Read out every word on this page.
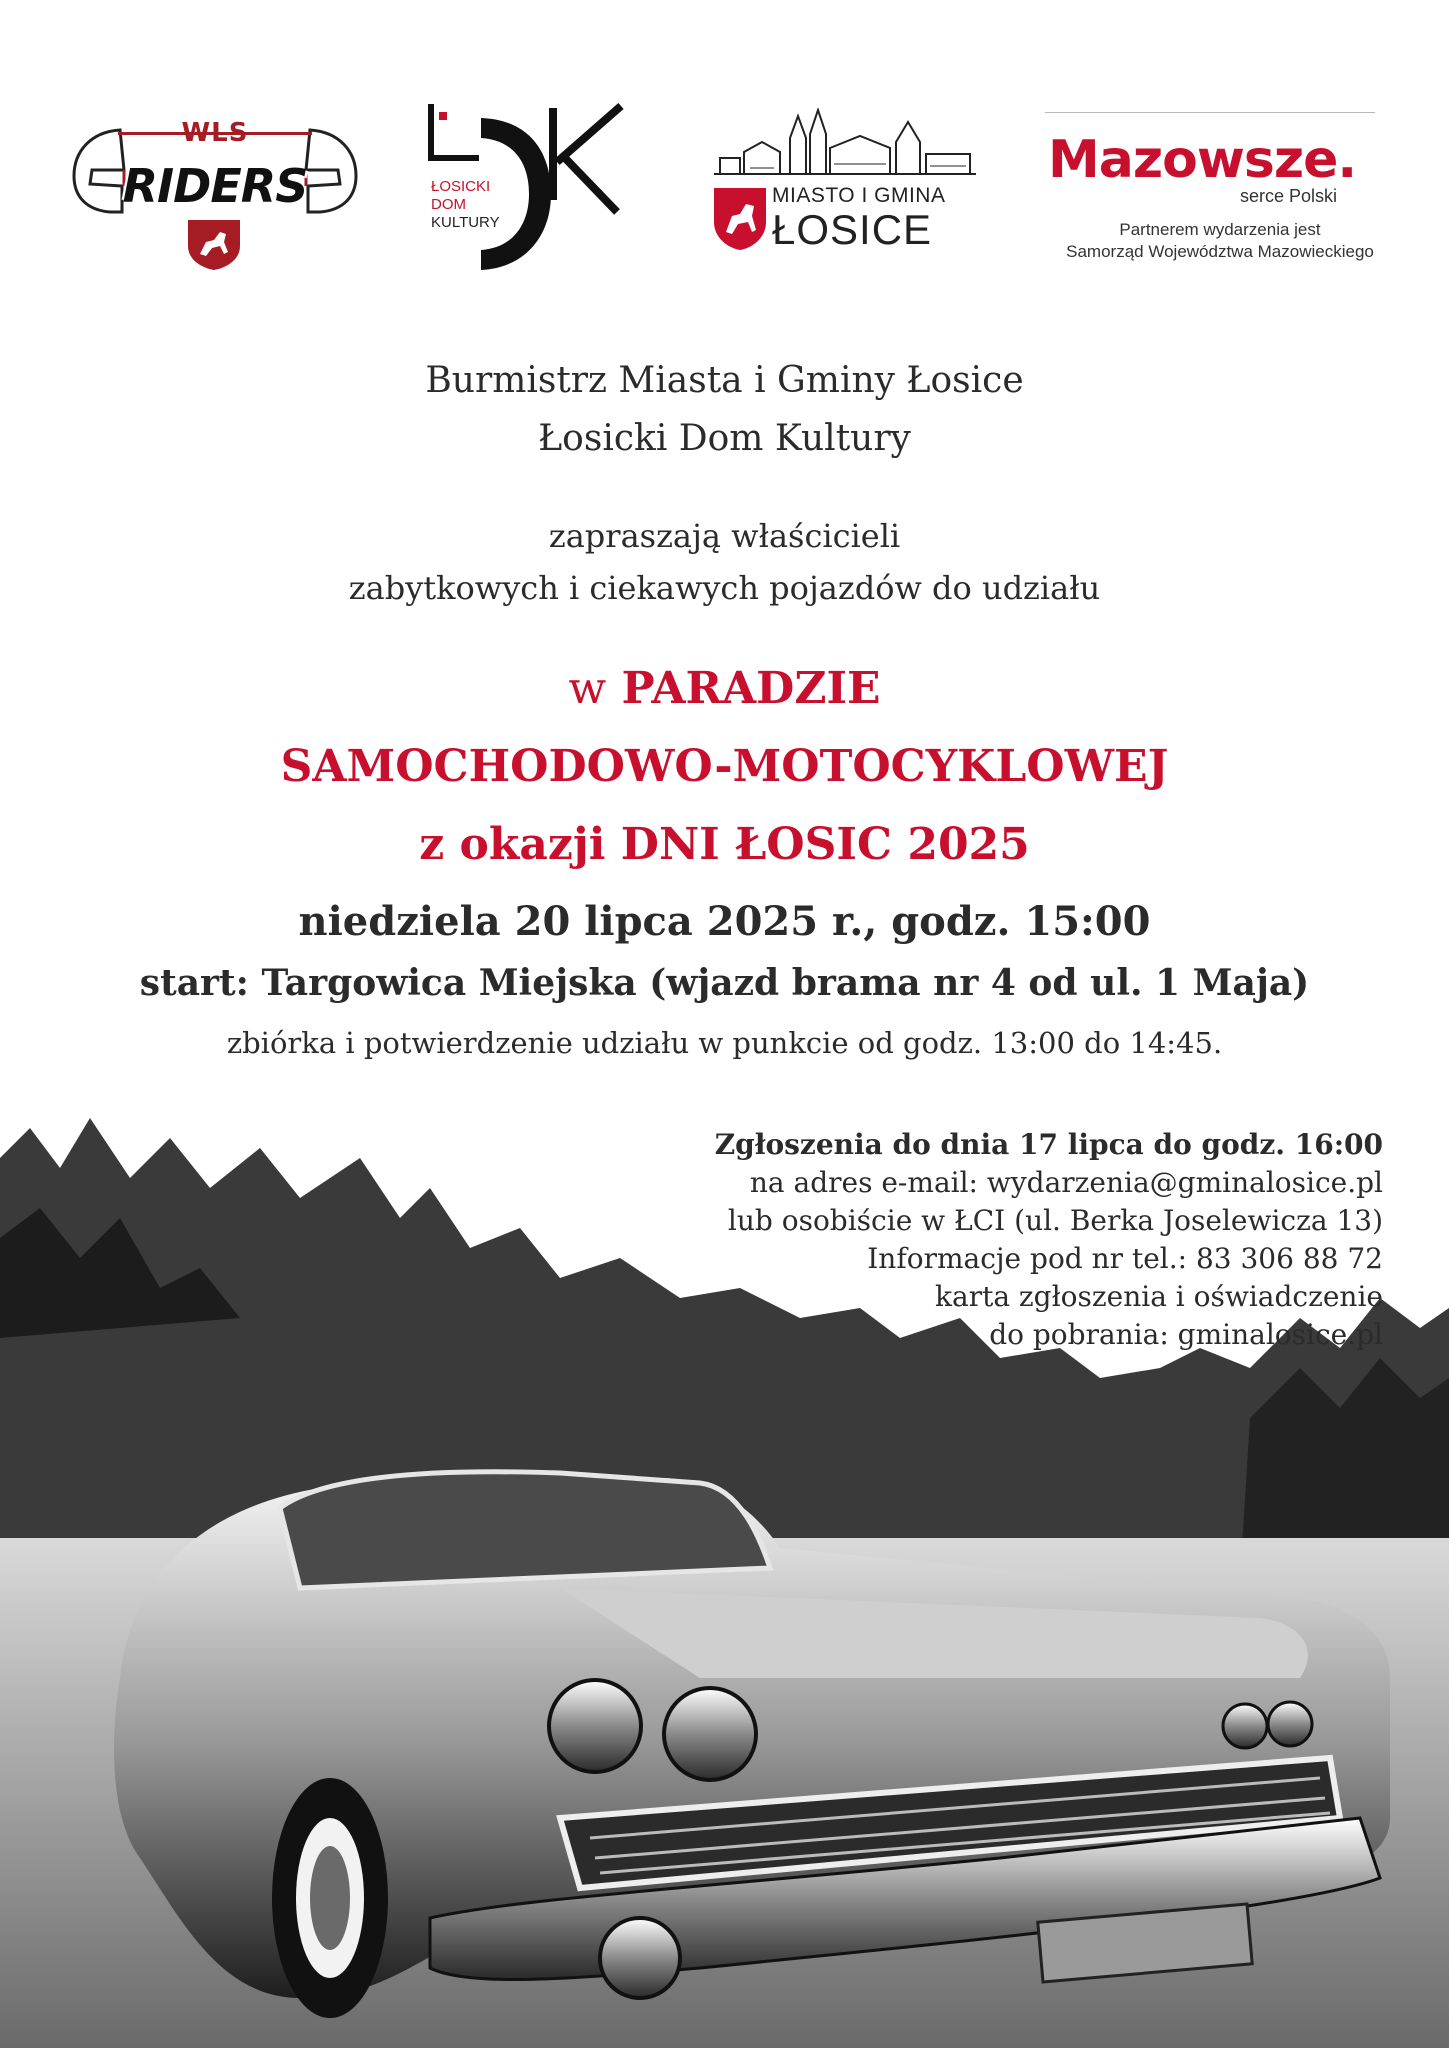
WLS
RIDERS	ŁOSICKI
DOM
KULTURY
MIASTO I GMINA
ŁOSICE
Mazowsze.
serce Polski
Partnerem wydarzenia jest
Samorząd Województwa Mazowieckiego
Burmistrz Miasta i Gminy Łosice
Łosicki Dom Kultury
zapraszają właścicieli
zabytkowych i ciekawych pojazdów do udziału
w PARADZIE
SAMOCHODOWO-MOTOCYKLOWEJ
z okazji DNI ŁOSIC 2025
niedziela 20 lipca 2025 r., godz. 15:00
start: Targowica Miejska (wjazd brama nr 4 od ul. 1 Maja)
zbiórka i potwierdzenie udziału w punkcie od godz. 13:00 do 14:45.
Zgłoszenia do dnia 17 lipca do godz. 16:00
na adres e-mail: wydarzenia@gminalosice.pl
lub osobiście w ŁCI (ul. Berka Joselewicza 13)
Informacje pod nr tel.: 83 306 88 72
karta zgłoszenia i oświadczenie
do pobrania: gminalosice.pl
